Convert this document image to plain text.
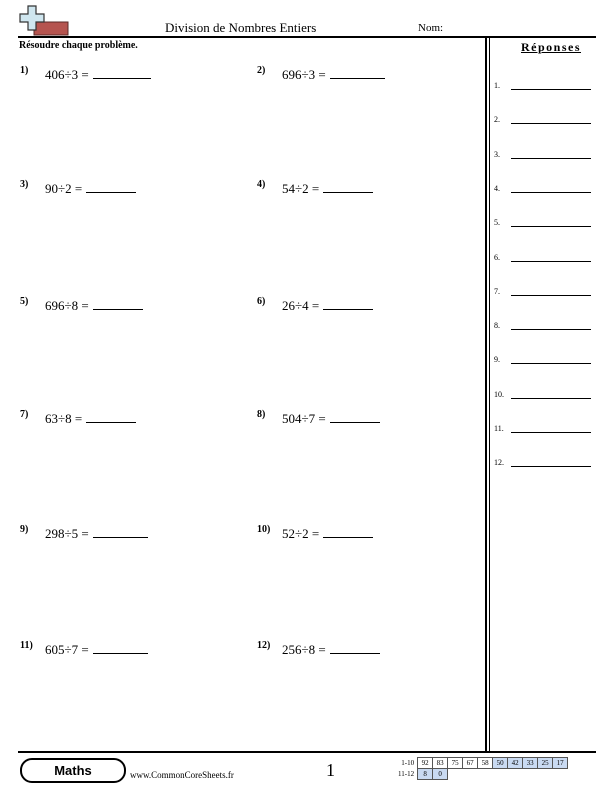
Division de Nombres Entiers	Nom:
Résoudre chaque problème.
1) 406÷3 =	2) 696÷3 =
3) 90÷2 =	4) 54÷2 =
5) 696÷8 =	6) 26÷4 =
7) 63÷8 =	8) 504÷7 =
9) 298÷5 =	10) 52÷2 =
11) 605÷7 =	12) 256÷8 =
Réponses
1.
2.
3.
4.
5.
6.
7.
8.
9.
10.
11.
12.
Maths	www.CommonCoreSheets.fr	1	1-10	92	83	75	67	58	50	42	33	25	17
11-12	8	0								
